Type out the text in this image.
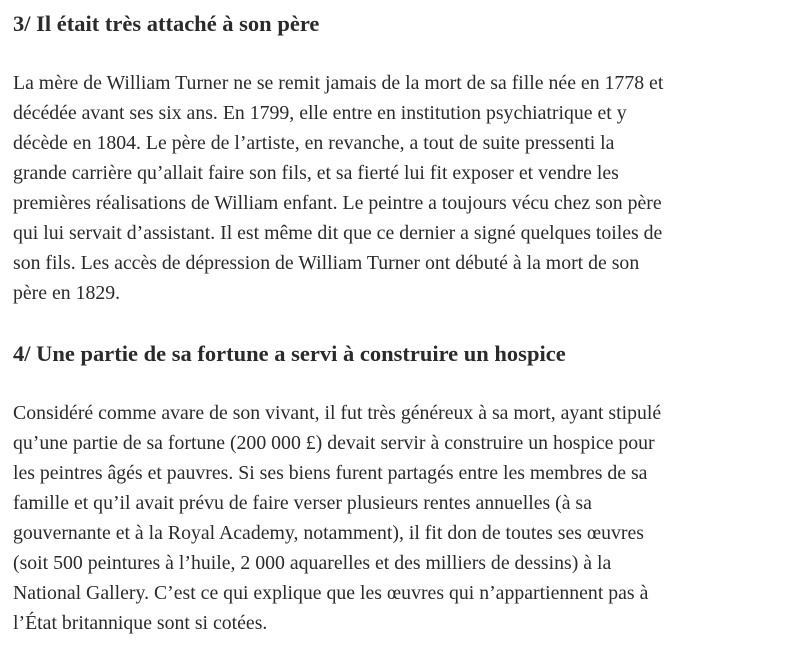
3/ Il était très attaché à son père

La mère de William Turner ne se remit jamais de la mort de sa fille née en 1778 et
décédée avant ses six ans. En 1799, elle entre en institution psychiatrique et y
décède en 1804. Le père de l’artiste, en revanche, a tout de suite pressenti la
grande carrière qu’allait faire son fils, et sa fierté lui fit exposer et vendre les
premières réalisations de William enfant. Le peintre a toujours vécu chez son père
qui lui servait d’assistant. Il est même dit que ce dernier a signé quelques toiles de
son fils. Les accès de dépression de William Turner ont débuté à la mort de son
père en 1829.

4/ Une partie de sa fortune a servi à construire un hospice

Considéré comme avare de son vivant, il fut très généreux à sa mort, ayant stipulé
qu’une partie de sa fortune (200 000 £) devait servir à construire un hospice pour
les peintres âgés et pauvres. Si ses biens furent partagés entre les membres de sa
famille et qu’il avait prévu de faire verser plusieurs rentes annuelles (à sa
gouvernante et à la Royal Academy, notamment), il fit don de toutes ses œuvres
(soit 500 peintures à l’huile, 2 000 aquarelles et des milliers de dessins) à la
National Gallery. C’est ce qui explique que les œuvres qui n’appartiennent pas à
l’État britannique sont si cotées.
